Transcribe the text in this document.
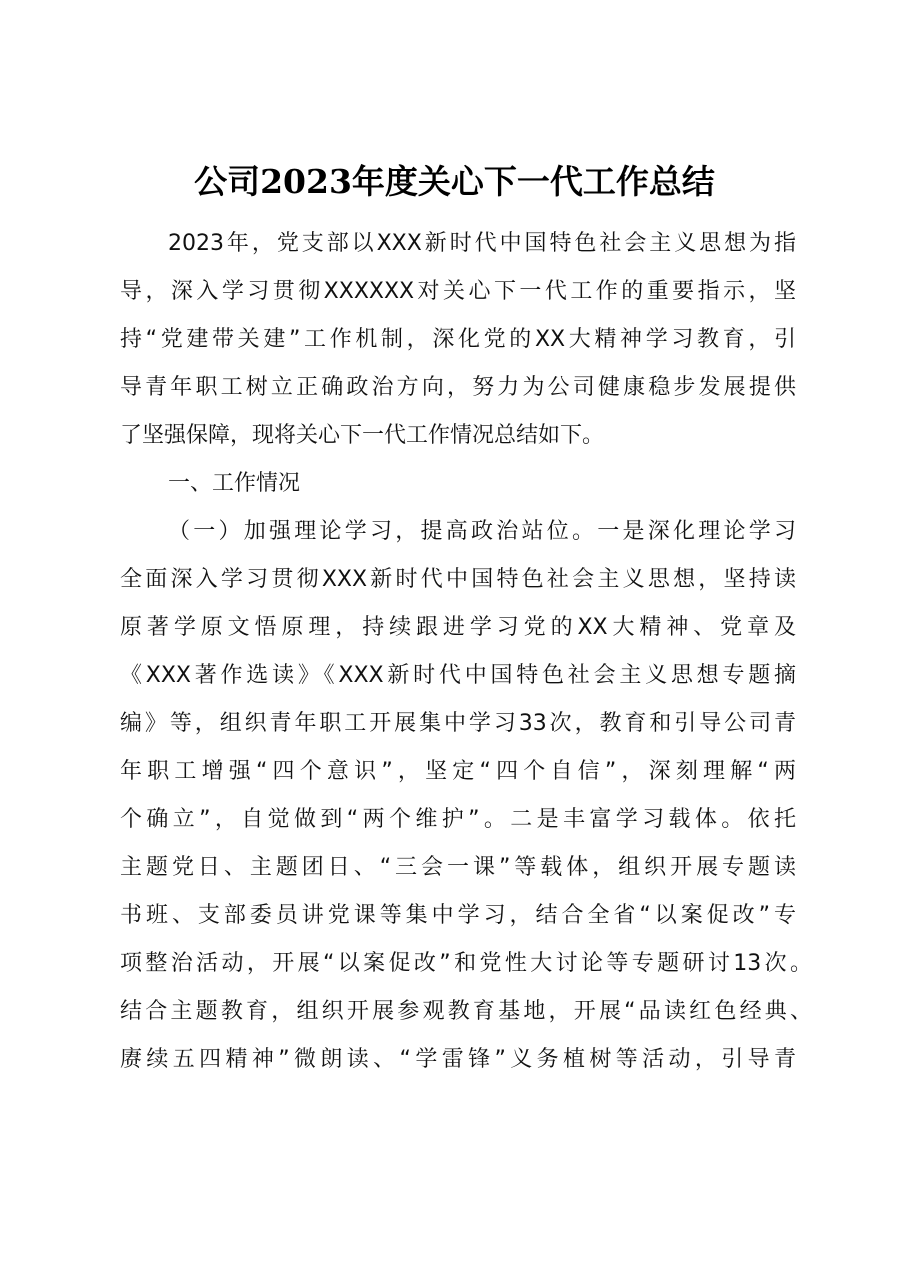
公司2023年度关心下一代工作总结
2023年，党支部以XXX新时代中国特色社会主义思想为指
导，深入学习贯彻XXXXXX对关心下一代工作的重要指示，坚
持“党建带关建”工作机制，深化党的XX大精神学习教育，引
导青年职工树立正确政治方向，努力为公司健康稳步发展提供
了坚强保障，现将关心下一代工作情况总结如下。
一、工作情况
（一）加强理论学习，提高政治站位。一是深化理论学习
全面深入学习贯彻XXX新时代中国特色社会主义思想，坚持读
原著学原文悟原理，持续跟进学习党的XX大精神、党章及
《XXX著作选读》《XXX新时代中国特色社会主义思想专题摘
编》等，组织青年职工开展集中学习33次，教育和引导公司青
年职工增强“四个意识”，坚定“四个自信”，深刻理解“两
个确立”，自觉做到“两个维护”。二是丰富学习载体。依托
主题党日、主题团日、“三会一课”等载体，组织开展专题读
书班、支部委员讲党课等集中学习，结合全省“以案促改”专
项整治活动，开展“以案促改”和党性大讨论等专题研讨13次。
结合主题教育，组织开展参观教育基地，开展“品读红色经典、
赓续五四精神”微朗读、“学雷锋”义务植树等活动，引导青
